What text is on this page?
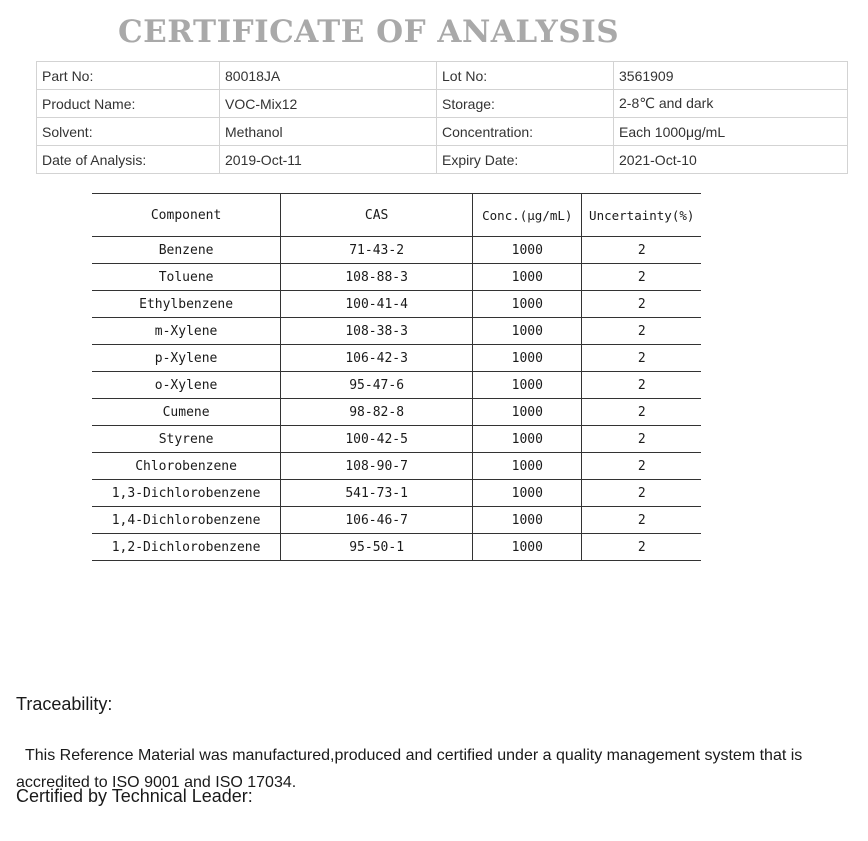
CERTIFICATE OF ANALYSIS
Part No:	80018JA	Lot No:	3561909
Product Name:	VOC-Mix12	Storage:	2-8℃ and dark
Solvent:	Methanol	Concentration:	Each 1000μg/mL
Date of Analysis:	2019-Oct-11	Expiry Date:	2021-Oct-10
Component	CAS	Conc.(μg/mL)	Uncertainty(%)
Benzene	71-43-2	1000	2
Toluene	108-88-3	1000	2
Ethylbenzene	100-41-4	1000	2
m-Xylene	108-38-3	1000	2
p-Xylene	106-42-3	1000	2
o-Xylene	95-47-6	1000	2
Cumene	98-82-8	1000	2
Styrene	100-42-5	1000	2
Chlorobenzene	108-90-7	1000	2
1,3-Dichlorobenzene	541-73-1	1000	2
1,4-Dichlorobenzene	106-46-7	1000	2
1,2-Dichlorobenzene	95-50-1	1000	2
Traceability:

This Reference Material was manufactured,produced and certified under a quality management system that is accredited to ISO 9001 and ISO 17034.

Certified by Technical Leader:
